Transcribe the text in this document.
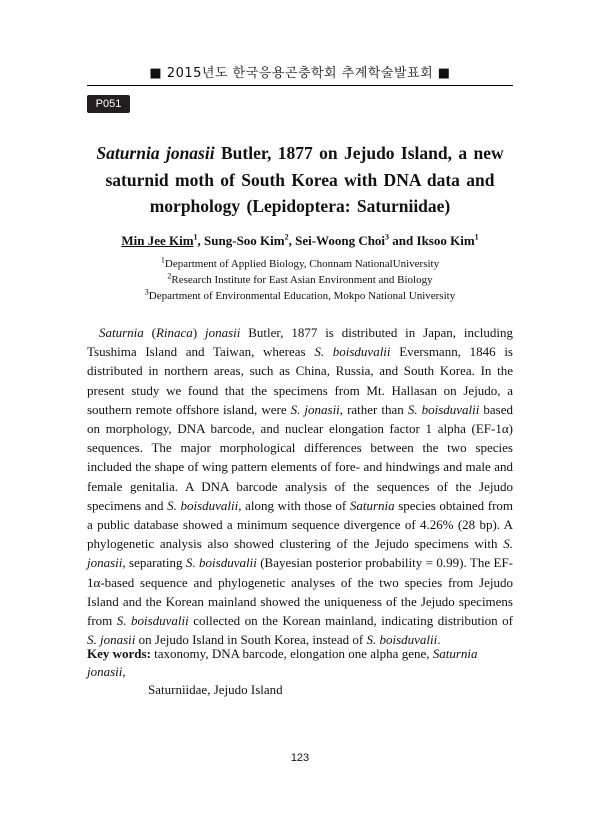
■ 2015년도 한국응용곤충학회 추계학술발표회 ■
P051
Saturnia jonasii Butler, 1877 on Jejudo Island, a new
saturnid moth of South Korea with DNA data and
morphology (Lepidoptera: Saturniidae)
Min Jee Kim$^1$, Sung-Soo Kim$^2$, Sei-Woong Choi$^3$ and Iksoo Kim$^1$
$^1$Department of Applied Biology, Chonnam NationalUniversity
$^2$Research Institute for East Asian Environment and Biology
$^3$Department of Environmental Education, Mokpo National University

Saturnia (Rinaca) jonasii Butler, 1877 is distributed in Japan, including Tsushima Island and Taiwan, whereas S. boisduvalii Eversmann, 1846 is distributed in northern areas, such as China, Russia, and South Korea. In the present study we found that the specimens from Mt. Hallasan on Jejudo, a southern remote offshore island, were S. jonasii, rather than S. boisduvalii based on morphology, DNA barcode, and nuclear elongation factor 1 alpha (EF-1α) sequences. The major morphological differences between the two species included the shape of wing pattern elements of fore- and hindwings and male and female genitalia. A DNA barcode analysis of the sequences of the Jejudo specimens and S. boisduvalii, along with those of Saturnia species obtained from a public database showed a minimum sequence divergence of 4.26% (28 bp). A phylogenetic analysis also showed clustering of the Jejudo specimens with S. jonasii, separating S. boisduvalii (Bayesian posterior probability = 0.99). The EF-1α-based sequence and phylogenetic analyses of the two species from Jejudo Island and the Korean mainland showed the uniqueness of the Jejudo specimens from S. boisduvalii collected on the Korean mainland, indicating distribution of S. jonasii on Jejudo Island in South Korea, instead of S. boisduvalii.

Key words: taxonomy, DNA barcode, elongation one alpha gene, Saturnia jonasii,
Saturniidae, Jejudo Island
123
